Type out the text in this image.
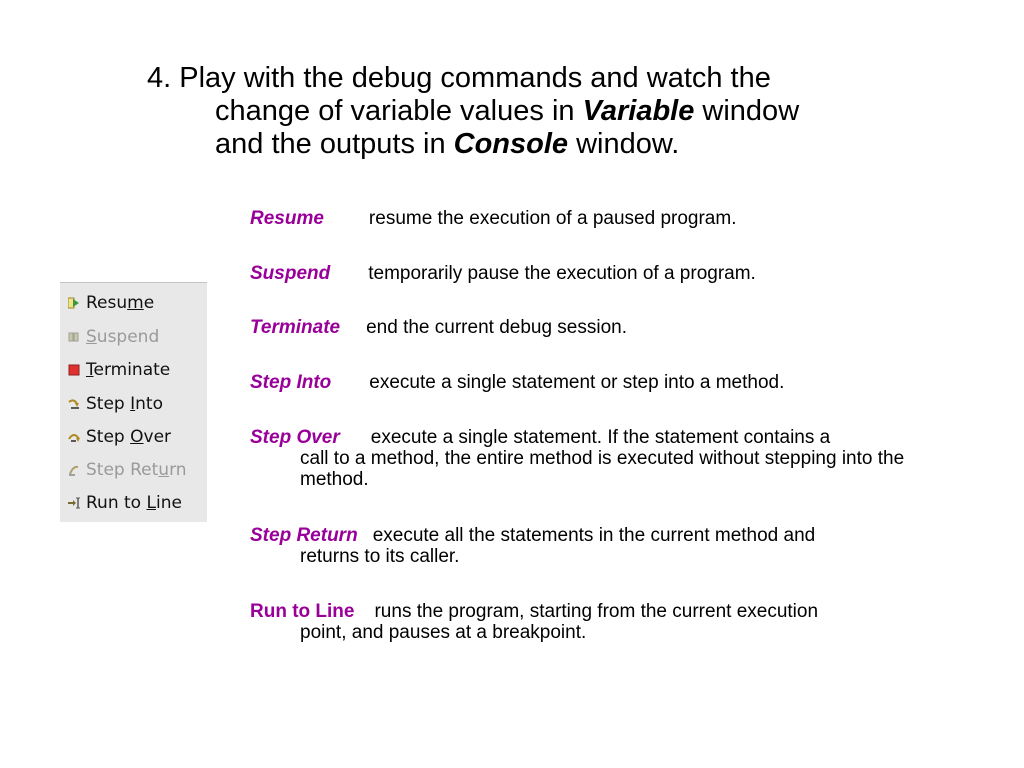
4. Play with the debug commands and watch the
change of variable values in Variable window
and the outputs in Console window.
Resume
Suspend
Terminate
Step Into
Step Over
Step Return
Run to Line
Resume resume the execution of a paused program.
Suspend temporarily pause the execution of a program.
Terminate end the current debug session.
Step Into execute a single statement or step into a method.
Step Over execute a single statement. If the statement contains a
call to a method, the entire method is executed without stepping into the method.
Step Return execute all the statements in the current method and
returns to its caller.
Run to Line runs the program, starting from the current execution
point, and pauses at a breakpoint.
